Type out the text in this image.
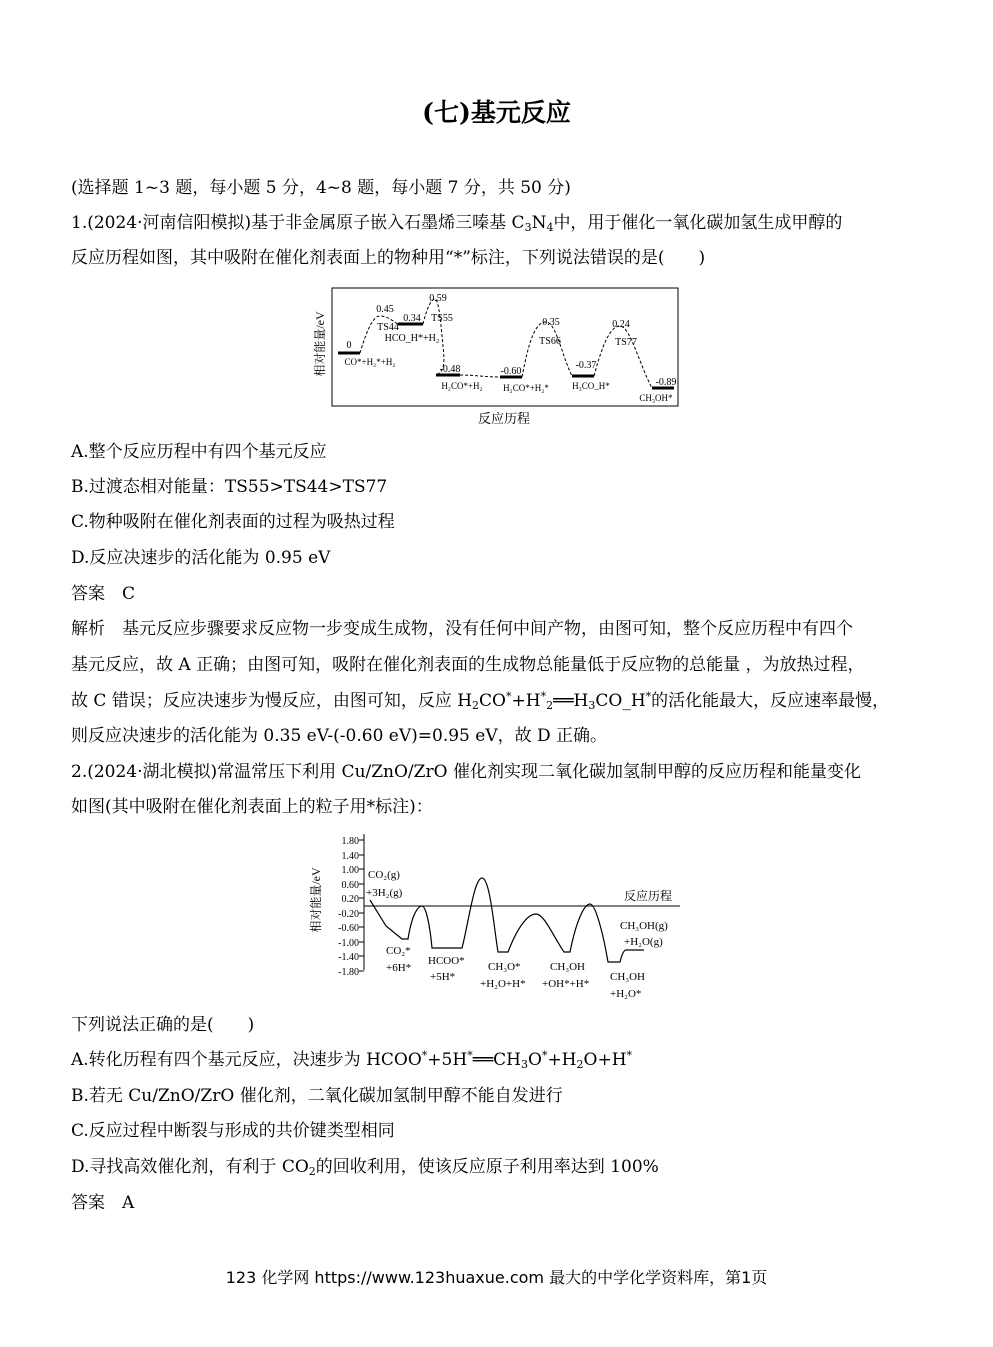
(七)基元反应
(选择题 1~3 题，每小题 5 分，4~8 题，每小题 7 分，共 50 分)
1.(2024·河南信阳模拟)基于非金属原子嵌入石墨烯三嗪基 $C_3N_4$中，用于催化一氧化碳加氢生成甲醇的
反应历程如图，其中吸附在催化剂表面上的物种用“*”标注，下列说法错误的是(　　)
相对能量/eV 0
0.45
0.34
0.59
-0.48	-0.60
0.35
-0.37
0.24
-0.89
TS44
TS55
TS66	TS77
HCO_H*+H₂
CO*+H₂*+H₂
H₂CO*+H₂ H₂CO*+H₂*	H₃CO_H*
CH₃OH*
反应历程
A.整个反应历程中有四个基元反应
B.过渡态相对能量：TS55>TS44>TS77
C.物种吸附在催化剂表面的过程为吸热过程
D.反应决速步的活化能为 0.95 eV
答案　C
解析　基元反应步骤要求反应物一步变成生成物，没有任何中间产物，由图可知，整个反应历程中有四个
基元反应，故 A 正确；由图可知，吸附在催化剂表面的生成物总能量低于反应物的总能量 ，为放热过程，
故 C 错误；反应决速步为慢反应，由图可知，反应 $H_2CO^*+H^*_2══H_3CO\_H^*$的活化能最大，反应速率最慢，
则反应决速步的活化能为 0.35 eV-(-0.60 eV)=0.95 eV，故 D 正确。
2.(2024·湖北模拟)常温常压下利用 Cu/ZnO/ZrO 催化剂实现二氧化碳加氢制甲醇的反应历程和能量变化
如图(其中吸附在催化剂表面上的粒子用*标注)：
相对能量/eV
1.80
1.40
1.00
0.60
0.20
-0.20
-0.60
-1.00
-1.40
-1.80
CO₂(g)
+3H₂(g)	反应历程
CO₂*
+6H*
HCOO*
+5H*
CH₃O*
+H₂O+H*
CH₃OH
+OH*+H*
CH₃OH
+H₂O*
CH₃OH(g)
+H₂O(g)
下列说法正确的是(　　)
A.转化历程有四个基元反应，决速步为 $HCOO^*+5H^*══CH_3O^*+H_2O+H^*$
B.若无 Cu/ZnO/ZrO 催化剂，二氧化碳加氢制甲醇不能自发进行
C.反应过程中断裂与形成的共价键类型相同
D.寻找高效催化剂，有利于 $CO_2$的回收利用，使该反应原子利用率达到 100%
答案　A
123 化学网 https://www.123huaxue.com 最大的中学化学资料库，第1页
